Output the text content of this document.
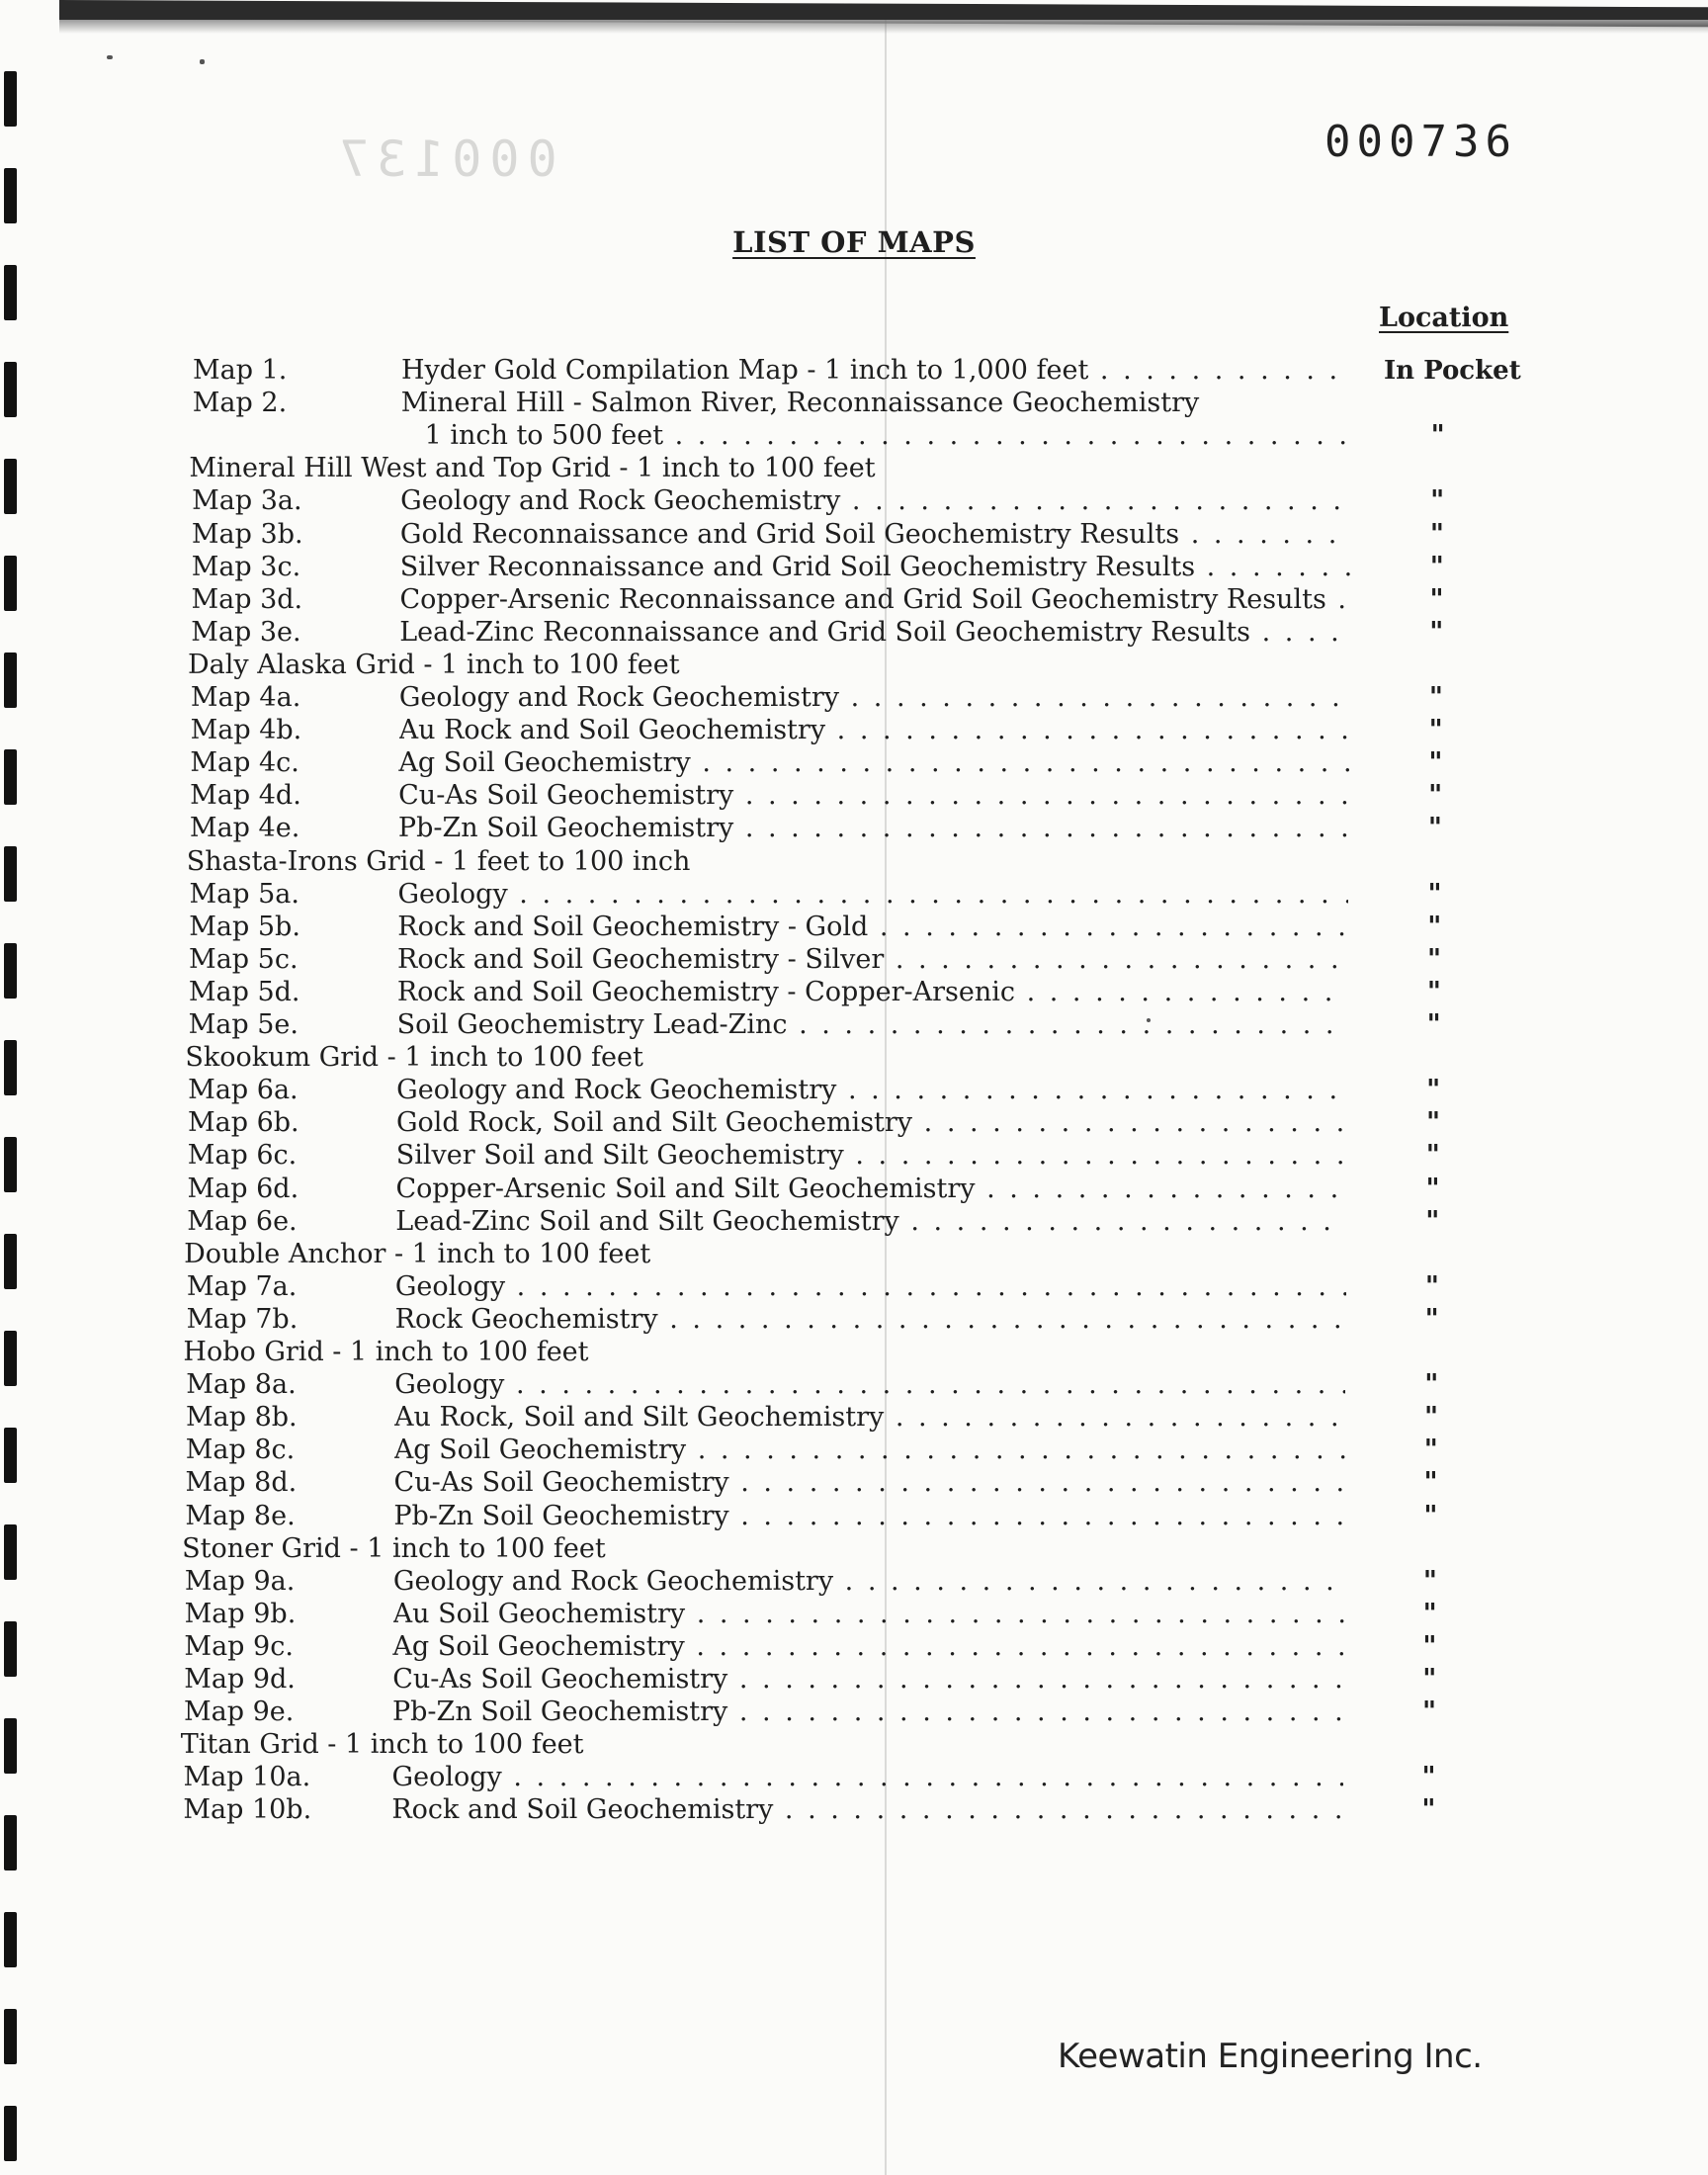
000137	000736
LIST OF MAPS
Location
Map 1.	Hyder Gold Compilation Map - 1 inch to 1,000 feet . . .	In Pocket
Map 2.	Mineral Hill - Salmon River, Reconnaissance Geochemistry
1 inch to 500 feet . . .	"
Mineral Hill West and Top Grid - 1 inch to 100 feet
Map 3a.	Geology and Rock Geochemistry . . .	"
Map 3b.	Gold Reconnaissance and Grid Soil Geochemistry Results . . .	"
Map 3c.	Silver Reconnaissance and Grid Soil Geochemistry Results . . .	"
Map 3d.	Copper-Arsenic Reconnaissance and Grid Soil Geochemistry Results . . .	"
Map 3e.	Lead-Zinc Reconnaissance and Grid Soil Geochemistry Results . . .	"
Daly Alaska Grid - 1 inch to 100 feet
Map 4a.	Geology and Rock Geochemistry . . .	"
Map 4b.	Au Rock and Soil Geochemistry . . .	"
Map 4c.	Ag Soil Geochemistry . . .	"
Map 4d.	Cu-As Soil Geochemistry . . .	"
Map 4e.	Pb-Zn Soil Geochemistry . . .	"
Shasta-Irons Grid - 1 feet to 100 inch
Map 5a.	Geology . . .	"
Map 5b.	Rock and Soil Geochemistry - Gold . . .	"
Map 5c.	Rock and Soil Geochemistry - Silver . . .	"
Map 5d.	Rock and Soil Geochemistry - Copper-Arsenic . . .	"
Map 5e.	Soil Geochemistry Lead-Zinc . . .	"
Skookum Grid - 1 inch to 100 feet
Map 6a.	Geology and Rock Geochemistry . . .	"
Map 6b.	Gold Rock, Soil and Silt Geochemistry . . .	"
Map 6c.	Silver Soil and Silt Geochemistry . . .	"
Map 6d.	Copper-Arsenic Soil and Silt Geochemistry . . .	"
Map 6e.	Lead-Zinc Soil and Silt Geochemistry . . .	"
Double Anchor - 1 inch to 100 feet
Map 7a.	Geology . . .	"
Map 7b.	Rock Geochemistry . . .	"
Hobo Grid - 1 inch to 100 feet
Map 8a.	Geology . . .	"
Map 8b.	Au Rock, Soil and Silt Geochemistry . . .	"
Map 8c.	Ag Soil Geochemistry . . .	"
Map 8d.	Cu-As Soil Geochemistry . . .	"
Map 8e.	Pb-Zn Soil Geochemistry . . .	"
Stoner Grid - 1 inch to 100 feet
Map 9a.	Geology and Rock Geochemistry . . .	"
Map 9b.	Au Soil Geochemistry . . .	"
Map 9c.	Ag Soil Geochemistry . . .	"
Map 9d.	Cu-As Soil Geochemistry . . .	"
Map 9e.	Pb-Zn Soil Geochemistry . . .	"
Titan Grid - 1 inch to 100 feet
Map 10a.	Geology . . .	"
Map 10b.	Rock and Soil Geochemistry . . .	"
Keewatin Engineering Inc.
